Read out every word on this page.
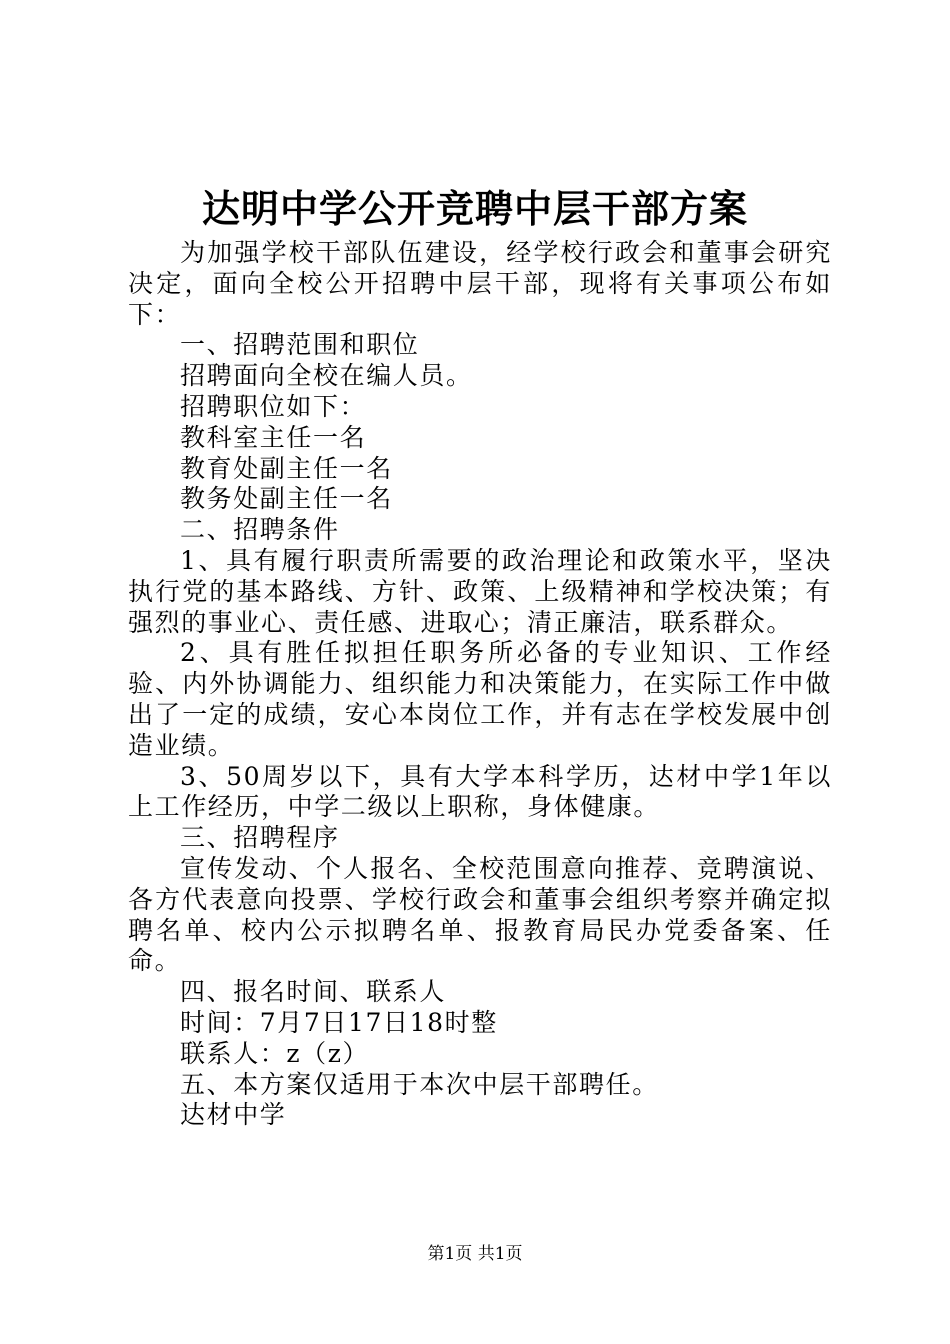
达明中学公开竞聘中层干部方案

为加强学校干部队伍建设，经学校行政会和董事会研究决定，面向全校公开招聘中层干部，现将有关事项公布如下：

一、招聘范围和职位

招聘面向全校在编人员。

招聘职位如下：

教科室主任一名

教育处副主任一名

教务处副主任一名

二、招聘条件

1、具有履行职责所需要的政治理论和政策水平，坚决执行党的基本路线、方针、政策、上级精神和学校决策；有强烈的事业心、责任感、进取心；清正廉洁，联系群众。

2、具有胜任拟担任职务所必备的专业知识、工作经验、内外协调能力、组织能力和决策能力，在实际工作中做出了一定的成绩，安心本岗位工作，并有志在学校发展中创造业绩。

3、50周岁以下，具有大学本科学历，达材中学1年以上工作经历，中学二级以上职称，身体健康。

三、招聘程序

宣传发动、个人报名、全校范围意向推荐、竞聘演说、各方代表意向投票、学校行政会和董事会组织考察并确定拟聘名单、校内公示拟聘名单、报教育局民办党委备案、任命。

四、报名时间、联系人

时间：7月7日17日18时整

联系人：z（z）

五、本方案仅适用于本次中层干部聘任。

达材中学

第1页 共1页
